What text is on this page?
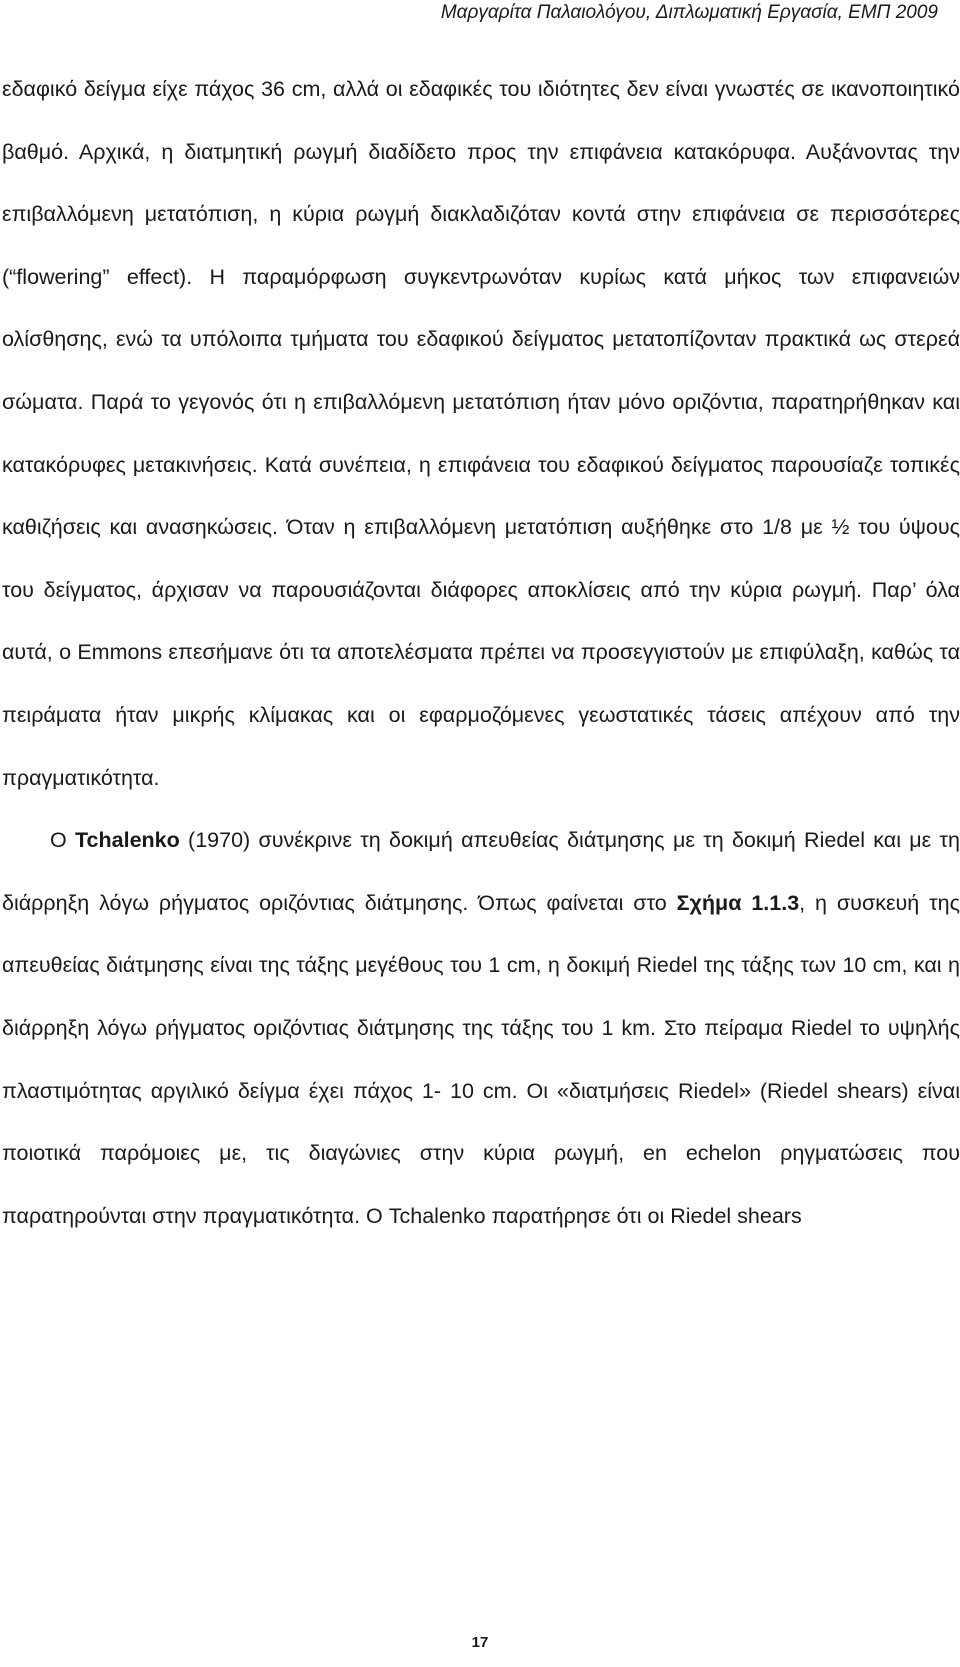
Μαργαρίτα Παλαιολόγου, Διπλωματική Εργασία, ΕΜΠ 2009

εδαφικό δείγμα είχε πάχος 36 cm, αλλά οι εδαφικές του ιδιότητες δεν είναι γνωστές σε ικανοποιητικό βαθμό. Αρχικά, η διατμητική ρωγμή διαδίδετο προς την επιφάνεια κατακόρυφα. Αυξάνοντας την επιβαλλόμενη μετατόπιση, η κύρια ρωγμή διακλαδιζόταν κοντά στην επιφάνεια σε περισσότερες (“flowering” effect). Η παραμόρφωση συγκεντρωνόταν κυρίως κατά μήκος των επιφανειών ολίσθησης, ενώ τα υπόλοιπα τμήματα του εδαφικού δείγματος μετατοπίζονταν πρακτικά ως στερεά σώματα. Παρά το γεγονός ότι η επιβαλλόμενη μετατόπιση ήταν μόνο οριζόντια, παρατηρήθηκαν και κατακόρυφες μετακινήσεις. Κατά συνέπεια, η επιφάνεια του εδαφικού δείγματος παρουσίαζε τοπικές καθιζήσεις και ανασηκώσεις. Όταν η επιβαλλόμενη μετατόπιση αυξήθηκε στο 1/8 με ½ του ύψους του δείγματος, άρχισαν να παρουσιάζονται διάφορες αποκλίσεις από την κύρια ρωγμή. Παρ’ όλα αυτά, ο Emmons επεσήμανε ότι τα αποτελέσματα πρέπει να προσεγγιστούν με επιφύλαξη, καθώς τα πειράματα ήταν μικρής κλίμακας και οι εφαρμοζόμενες γεωστατικές τάσεις απέχουν από την πραγματικότητα.

Ο Tchalenko (1970) συνέκρινε τη δοκιμή απευθείας διάτμησης με τη δοκιμή Riedel και με τη διάρρηξη λόγω ρήγματος οριζόντιας διάτμησης. Όπως φαίνεται στο Σχήμα 1.1.3, η συσκευή της απευθείας διάτμησης είναι της τάξης μεγέθους του 1 cm, η δοκιμή Riedel της τάξης των 10 cm, και η διάρρηξη λόγω ρήγματος οριζόντιας διάτμησης της τάξης του 1 km. Στο πείραμα Riedel το υψηλής πλαστιμότητας αργιλικό δείγμα έχει πάχος 1- 10 cm. Οι «διατμήσεις Riedel» (Riedel shears) είναι ποιοτικά παρόμοιες με, τις διαγώνιες στην κύρια ρωγμή, en echelon ρηγματώσεις που παρατηρούνται στην πραγματικότητα. Ο Tchalenko παρατήρησε ότι οι Riedel shears

17
